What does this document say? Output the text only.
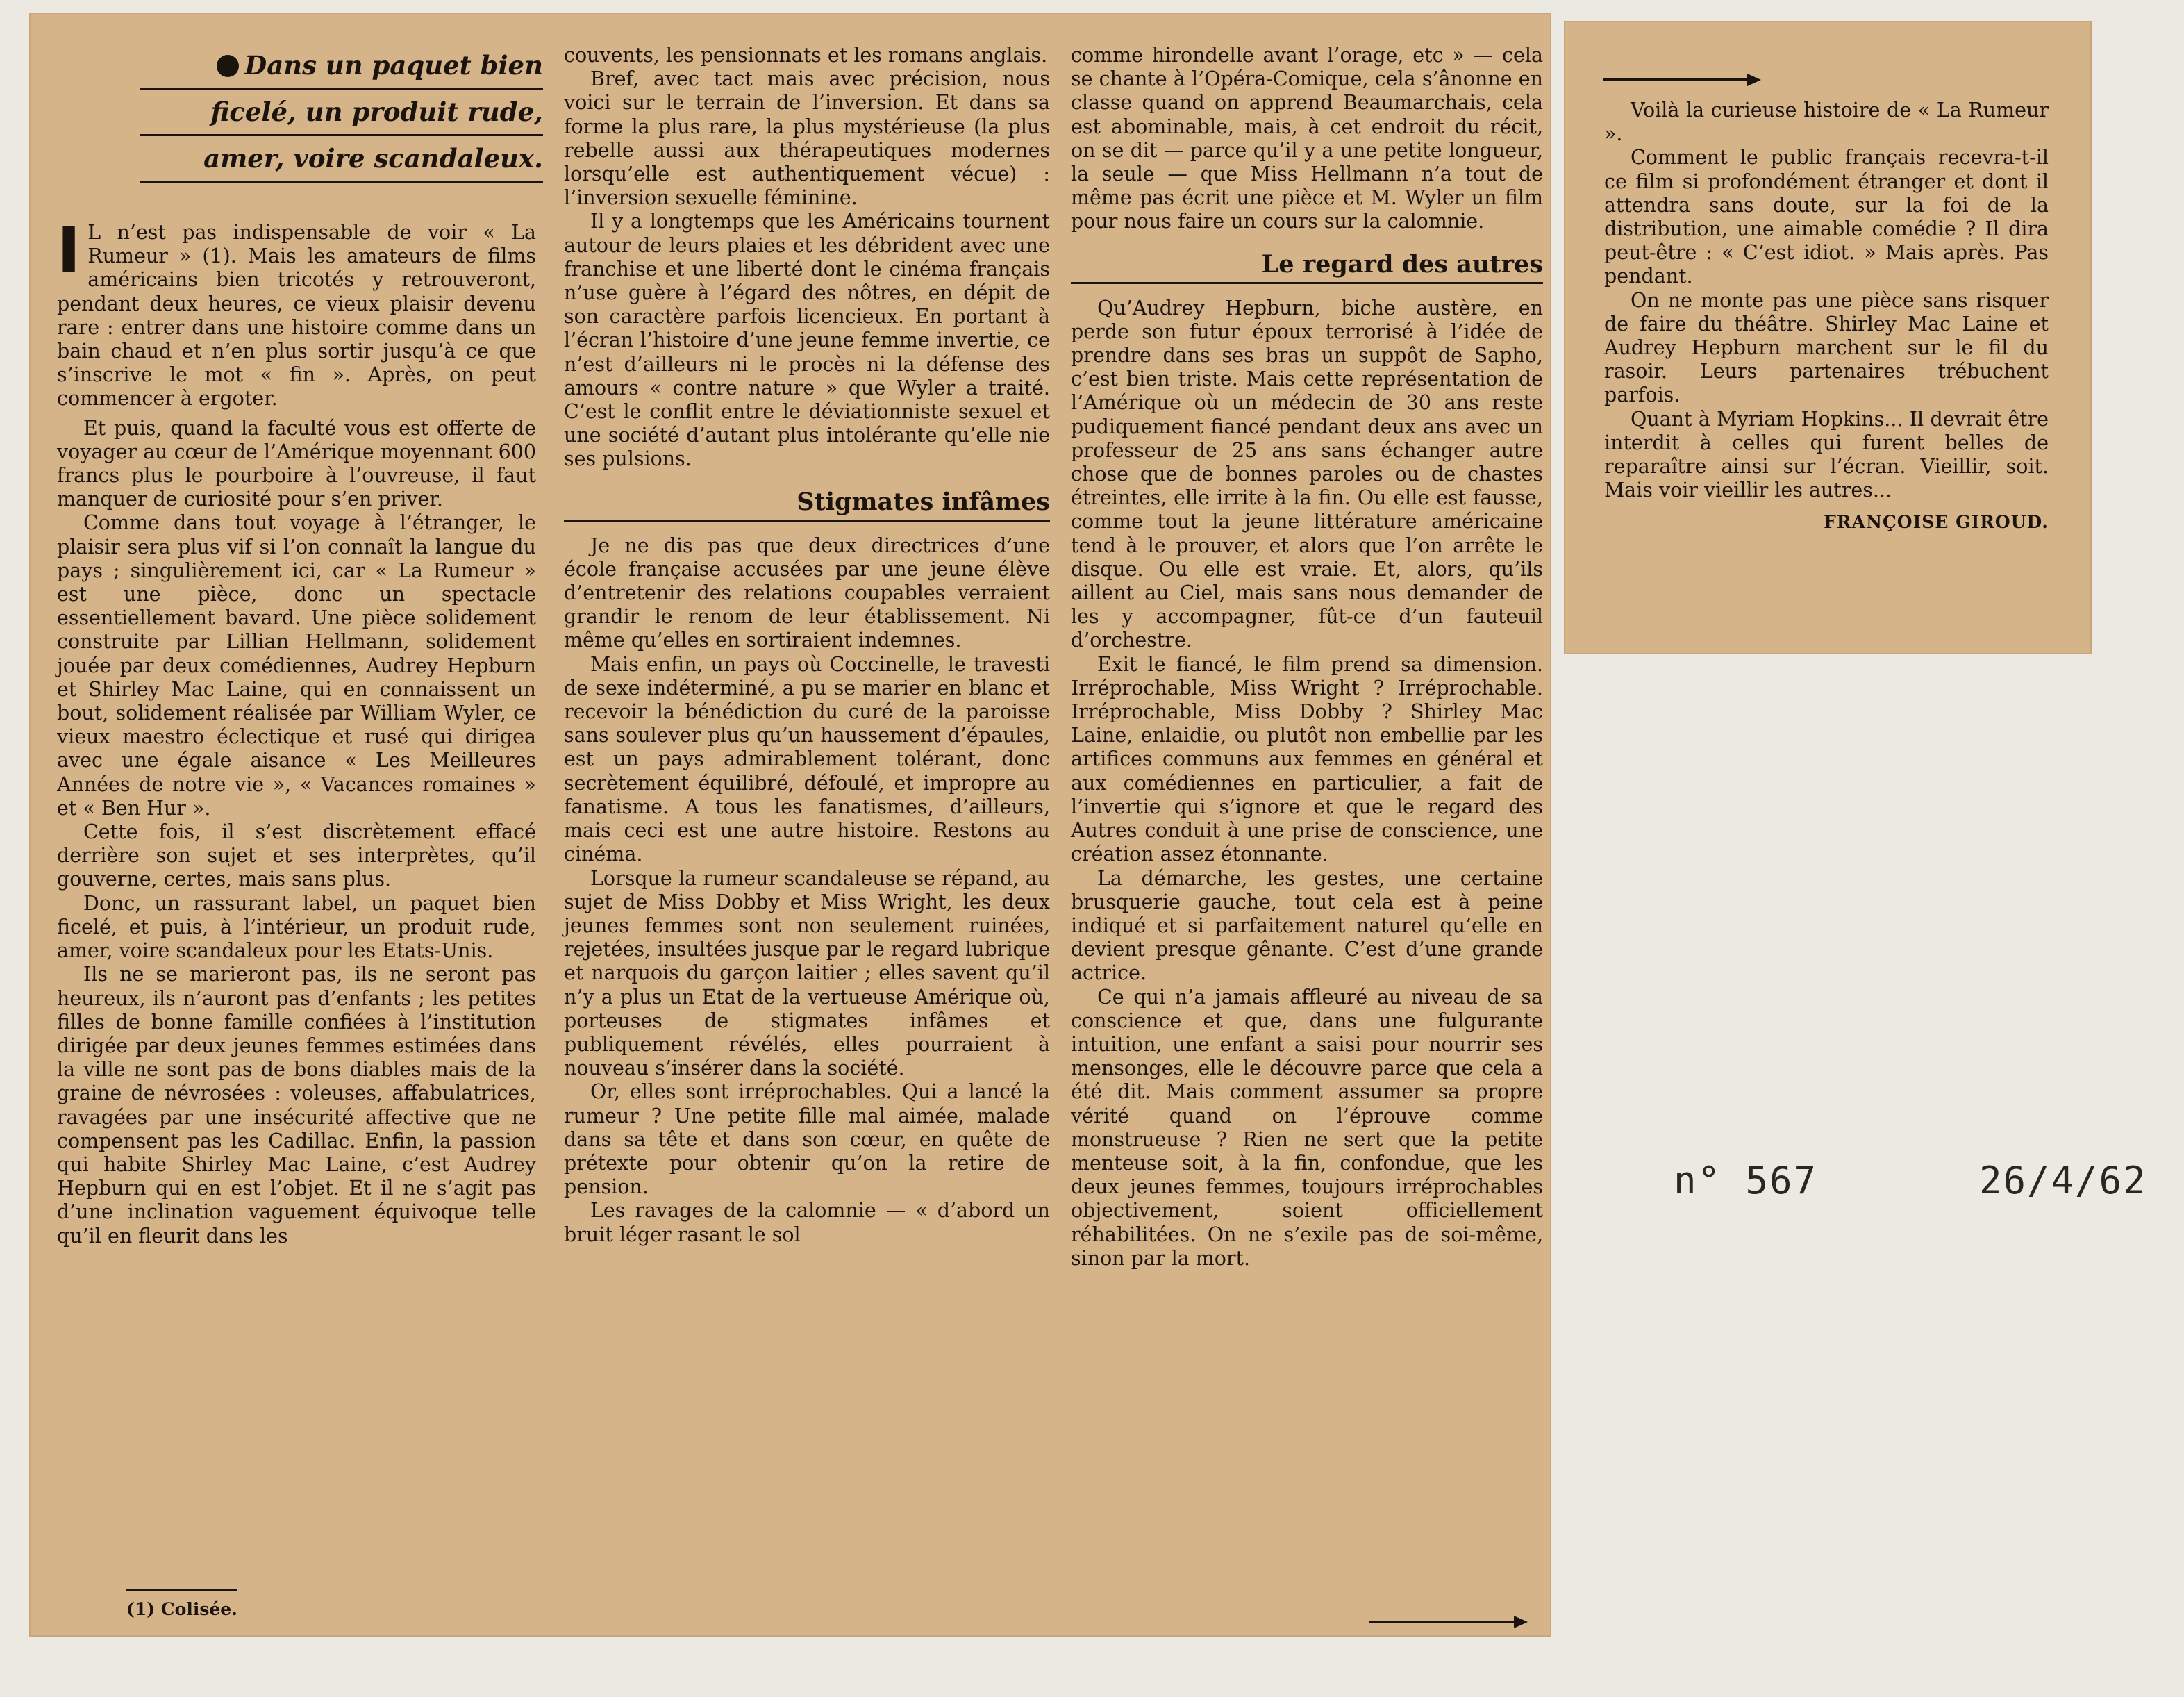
Dans un paquet bien
ficelé, un produit rude,
amer, voire scandaleux.

I L n’est pas indispensable de voir « La Rumeur » (1). Mais les amateurs de films américains bien tricotés y retrouveront, pendant deux heures, ce vieux plaisir devenu rare : entrer dans une histoire comme dans un bain chaud et n’en plus sortir jusqu’à ce que s’inscrive le mot « fin ». Après, on peut commencer à ergoter.

Et puis, quand la faculté vous est offerte de voyager au cœur de l’Amérique moyennant 600 francs plus le pourboire à l’ouvreuse, il faut manquer de curiosité pour s’en priver.

Comme dans tout voyage à l’étranger, le plaisir sera plus vif si l’on connaît la langue du pays ; singulièrement ici, car « La Rumeur » est une pièce, donc un spectacle essentiellement bavard. Une pièce solidement construite par Lillian Hellmann, solidement jouée par deux comédiennes, Audrey Hepburn et Shirley Mac Laine, qui en connaissent un bout, solidement réalisée par William Wyler, ce vieux maestro éclectique et rusé qui dirigea avec une égale aisance « Les Meilleures Années de notre vie », « Vacances romaines » et « Ben Hur ».

Cette fois, il s’est discrètement effacé derrière son sujet et ses interprètes, qu’il gouverne, certes, mais sans plus.

Donc, un rassurant label, un paquet bien ficelé, et puis, à l’intérieur, un produit rude, amer, voire scandaleux pour les Etats-Unis.

Ils ne se marieront pas, ils ne seront pas heureux, ils n’auront pas d’enfants ; les petites filles de bonne famille confiées à l’institution dirigée par deux jeunes femmes estimées dans la ville ne sont pas de bons diables mais de la graine de névrosées : voleuses, affabulatrices, ravagées par une insécurité affective que ne compensent pas les Cadillac. Enfin, la passion qui habite Shirley Mac Laine, c’est Audrey Hepburn qui en est l’objet. Et il ne s’agit pas d’une inclination vaguement équivoque telle qu’il en fleurit dans les

(1) Colisée.

couvents, les pensionnats et les romans anglais.

Bref, avec tact mais avec précision, nous voici sur le terrain de l’inversion. Et dans sa forme la plus rare, la plus mystérieuse (la plus rebelle aussi aux thérapeutiques modernes lorsqu’elle est authentiquement vécue) : l’inversion sexuelle féminine.

Il y a longtemps que les Américains tournent autour de leurs plaies et les débrident avec une franchise et une liberté dont le cinéma français n’use guère à l’égard des nôtres, en dépit de son caractère parfois licencieux. En portant à l’écran l’histoire d’une jeune femme invertie, ce n’est d’ailleurs ni le procès ni la défense des amours « contre nature » que Wyler a traité. C’est le conflit entre le déviationniste sexuel et une société d’autant plus intolérante qu’elle nie ses pulsions.

Stigmates infâmes

Je ne dis pas que deux directrices d’une école française accusées par une jeune élève d’entretenir des relations coupables verraient grandir le renom de leur établissement. Ni même qu’elles en sortiraient indemnes.

Mais enfin, un pays où Coccinelle, le travesti de sexe indéterminé, a pu se marier en blanc et recevoir la bénédiction du curé de la paroisse sans soulever plus qu’un haussement d’épaules, est un pays admirablement tolérant, donc secrètement équilibré, défoulé, et impropre au fanatisme. A tous les fanatismes, d’ailleurs, mais ceci est une autre histoire. Restons au cinéma.

Lorsque la rumeur scandaleuse se répand, au sujet de Miss Dobby et Miss Wright, les deux jeunes femmes sont non seulement ruinées, rejetées, insultées jusque par le regard lubrique et narquois du garçon laitier ; elles savent qu’il n’y a plus un Etat de la vertueuse Amérique où, porteuses de stigmates infâmes et publiquement révélés, elles pourraient à nouveau s’insérer dans la société.

Or, elles sont irréprochables. Qui a lancé la rumeur ? Une petite fille mal aimée, malade dans sa tête et dans son cœur, en quête de prétexte pour obtenir qu’on la retire de pension.

Les ravages de la calomnie — « d’abord un bruit léger rasant le sol

comme hirondelle avant l’orage, etc » — cela se chante à l’Opéra-Comique, cela s’ânonne en classe quand on apprend Beaumarchais, cela est abominable, mais, à cet endroit du récit, on se dit — parce qu’il y a une petite longueur, la seule — que Miss Hellmann n’a tout de même pas écrit une pièce et M. Wyler un film pour nous faire un cours sur la calomnie.

Le regard des autres

Qu’Audrey Hepburn, biche austère, en perde son futur époux terrorisé à l’idée de prendre dans ses bras un suppôt de Sapho, c’est bien triste. Mais cette représentation de l’Amérique où un médecin de 30 ans reste pudiquement fiancé pendant deux ans avec un professeur de 25 ans sans échanger autre chose que de bonnes paroles ou de chastes étreintes, elle irrite à la fin. Ou elle est fausse, comme tout la jeune littérature américaine tend à le prouver, et alors que l’on arrête le disque. Ou elle est vraie. Et, alors, qu’ils aillent au Ciel, mais sans nous demander de les y accompagner, fût-ce d’un fauteuil d’orchestre.

Exit le fiancé, le film prend sa dimension. Irréprochable, Miss Wright ? Irréprochable. Irréprochable, Miss Dobby ? Shirley Mac Laine, enlaidie, ou plutôt non embellie par les artifices communs aux femmes en général et aux comédiennes en particulier, a fait de l’invertie qui s’ignore et que le regard des Autres conduit à une prise de conscience, une création assez étonnante.

La démarche, les gestes, une certaine brusquerie gauche, tout cela est à peine indiqué et si parfaitement naturel qu’elle en devient presque gênante. C’est d’une grande actrice.

Ce qui n’a jamais affleuré au niveau de sa conscience et que, dans une fulgurante intuition, une enfant a saisi pour nourrir ses mensonges, elle le découvre parce que cela a été dit. Mais comment assumer sa propre vérité quand on l’éprouve comme monstrueuse ? Rien ne sert que la petite menteuse soit, à la fin, confondue, que les deux jeunes femmes, toujours irréprochables objectivement, soient officiellement réhabilitées. On ne s’exile pas de soi-même, sinon par la mort.

Voilà la curieuse histoire de « La Rumeur ».

Comment le public français recevra-t-il ce film si profondément étranger et dont il attendra sans doute, sur la foi de la distribution, une aimable comédie ? Il dira peut-être : « C’est idiot. » Mais après. Pas pendant.

On ne monte pas une pièce sans risquer de faire du théâtre. Shirley Mac Laine et Audrey Hepburn marchent sur le fil du rasoir. Leurs partenaires trébuchent parfois.

Quant à Myriam Hopkins... Il devrait être interdit à celles qui furent belles de reparaître ainsi sur l’écran. Vieillir, soit. Mais voir vieillir les autres...

FRANÇOISE GIROUD.
n° 567	26/4/62
